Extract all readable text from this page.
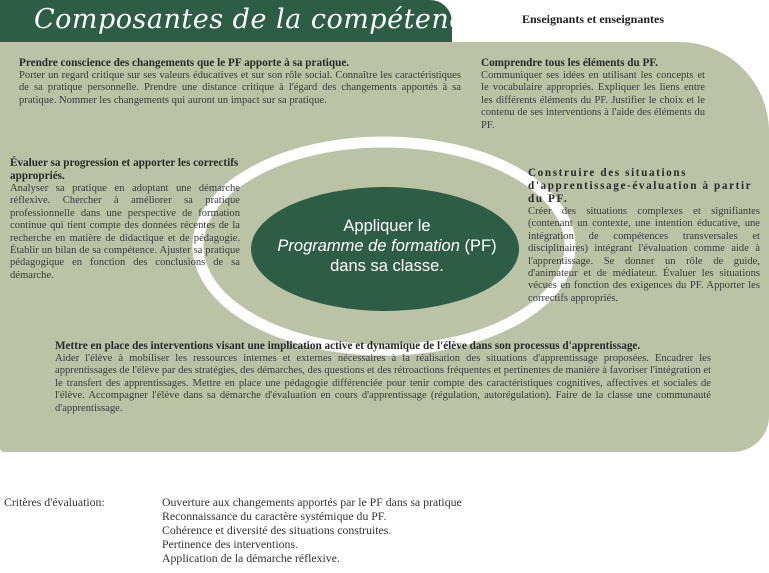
Composantes de la compétence	Enseignants et enseignantes
Prendre conscience des changements que le PF apporte à sa pratique.
Porter un regard critique sur ses valeurs éducatives et sur son rôle social. Connaître les caractéristiques de sa pratique personnelle. Prendre une distance critique à l'égard des changements apportés à sa pratique. Nommer les changements qui auront un impact sur sa pratique.
Comprendre tous les éléments du PF.
Communiquer ses idées en utilisant les concepts et le vocabulaire appropriés. Expliquer les liens entre les différents éléments du PF. Justifier le choix et le contenu de ses interventions à l'aide des éléments du PF.
Évaluer sa progression et apporter les correctifs appropriés.
Analyser sa pratique en adoptant une démarche réflexive. Chercher à améliorer sa pratique professionnelle dans une perspective de formation continue qui tient compte des données récentes de la recherche en matière de didactique et de pédagogie. Établir un bilan de sa compétence. Ajuster sa pratique pédagogique en fonction des conclusions de sa démarche.
Construire des situations d'apprentissage-évaluation à partir du PF.
Créer des situations complexes et signifiantes (contenant un contexte, une intention éducative, une intégration de compétences transversales et disciplinaires) intégrant l'évaluation comme aide à l'apprentissage. Se donner un rôle de guide, d'animateur et de médiateur. Évaluer les situations vécues en fonction des exigences du PF. Apporter les correctifs appropriés.
Mettre en place des interventions visant une implication active et dynamique de l'élève dans son processus d'apprentissage.
Aider l'élève à mobiliser les ressources internes et externes nécessaires à la réalisation des situations d'apprentissage proposées. Encadrer les apprentissages de l'élève par des stratégies, des démarches, des questions et des rétroactions fréquentes et pertinentes de manière à favoriser l'intégration et le transfert des apprentissages. Mettre en place une pédagogie différenciée pour tenir compte des caractéristiques cognitives, affectives et sociales de l'élève. Accompagner l'élève dans sa démarche d'évaluation en cours d'apprentissage (régulation, autorégulation). Faire de la classe une communauté d'apprentissage.
Appliquer le
Programme de formation (PF)
dans sa classe.
Critères d'évaluation:	Ouverture aux changements apportés par le PF dans sa pratique
Reconnaissance du caractère systémique du PF.
Cohérence et diversité des situations construites.
Pertinence des interventions.
Application de la démarche réflexive.
